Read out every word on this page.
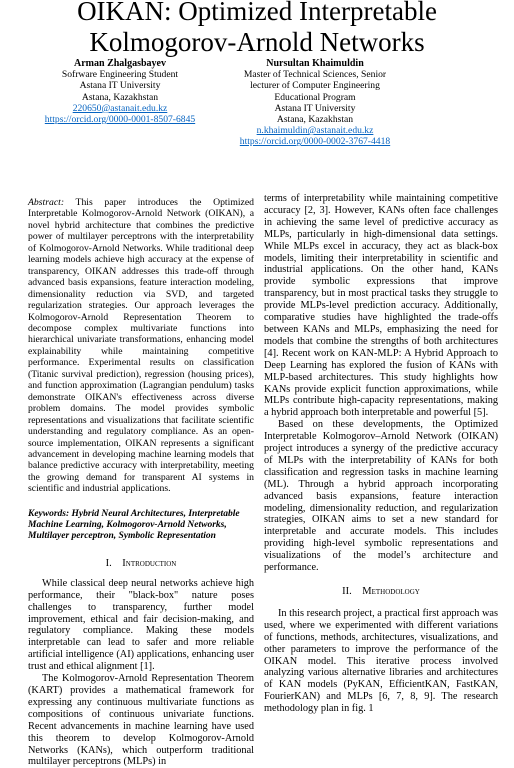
OIKAN: Optimized Interpretable
Kolmogorov-Arnold Networks
Arman Zhalgasbayev
Sofrware Engineering Student
Astana IT University
Astana, Kazakhstan
220650@astanait.edu.kz
https://orcid.org/0000-0001-8507-6845
Nursultan Khaimuldin
Master of Technical Sciences, Senior
lecturer of Computer Engineering
Educational Program
Astana IT University
Astana, Kazakhstan
n.khaimuldin@astanait.edu.kz
https://orcid.org/0000-0002-3767-4418

Abstract: This paper introduces the Optimized Interpretable Kolmogorov-Arnold Network (OIKAN), a novel hybrid architecture that combines the predictive power of multilayer perceptrons with the interpretability of Kolmogorov-Arnold Networks. While traditional deep learning models achieve high accuracy at the expense of transparency, OIKAN addresses this trade-off through advanced basis expansions, feature interaction modeling, dimensionality reduction via SVD, and targeted regularization strategies. Our approach leverages the Kolmogorov-Arnold Representation Theorem to decompose complex multivariate functions into hierarchical univariate transformations, enhancing model explainability while maintaining competitive performance. Experimental results on classification (Titanic survival prediction), regression (housing prices), and function approximation (Lagrangian pendulum) tasks demonstrate OIKAN's effectiveness across diverse problem domains. The model provides symbolic representations and visualizations that facilitate scientific understanding and regulatory compliance. As an open-source implementation, OIKAN represents a significant advancement in developing machine learning models that balance predictive accuracy with interpretability, meeting the growing demand for transparent AI systems in scientific and industrial applications.

Keywords: Hybrid Neural Architectures, Interpretable Machine Learning, Kolmogorov-Arnold Networks, Multilayer perceptron, Symbolic Representation

I. Introduction

While classical deep neural networks achieve high performance, their "black-box" nature poses challenges to transparency, further model improvement, ethical and fair decision-making, and regulatory compliance. Making these models interpretable can lead to safer and more reliable artificial intelligence (AI) applications, enhancing user trust and ethical alignment [1].

The Kolmogorov-Arnold Representation Theorem (KART) provides a mathematical framework for expressing any continuous multivariate functions as compositions of continuous univariate functions. Recent advancements in machine learning have used this theorem to develop Kolmogorov-Arnold Networks (KANs), which outperform traditional multilayer perceptrons (MLPs) in

terms of interpretability while maintaining competitive accuracy [2, 3]. However, KANs often face challenges in achieving the same level of predictive accuracy as MLPs, particularly in high-dimensional data settings. While MLPs excel in accuracy, they act as black-box models, limiting their interpretability in scientific and industrial applications. On the other hand, KANs provide symbolic expressions that improve transparency, but in most practical tasks they struggle to provide MLPs-level prediction accuracy. Additionally, comparative studies have highlighted the trade-offs between KANs and MLPs, emphasizing the need for models that combine the strengths of both architectures [4]. Recent work on KAN-MLP: A Hybrid Approach to Deep Learning has explored the fusion of KANs with MLP-based architectures. This study highlights how KANs provide explicit function approximations, while MLPs contribute high-capacity representations, making a hybrid approach both interpretable and powerful [5].

Based on these developments, the Optimized Interpretable Kolmogorov–Arnold Network (OIKAN) project introduces a synergy of the predictive accuracy of MLPs with the interpretability of KANs for both classification and regression tasks in machine learning (ML). Through a hybrid approach incorporating advanced basis expansions, feature interaction modeling, dimensionality reduction, and regularization strategies, OIKAN aims to set a new standard for interpretable and accurate models. This includes providing high-level symbolic representations and visualizations of the model’s architecture and performance.

II. Methodology

In this research project, a practical first approach was used, where we experimented with different variations of functions, methods, architectures, visualizations, and other parameters to improve the performance of the OIKAN model. This iterative process involved analyzing various alternative libraries and architectures of KAN models (PyKAN, EfficientKAN, FastKAN, FourierKAN) and MLPs [6, 7, 8, 9]. The research methodology plan in fig. 1
